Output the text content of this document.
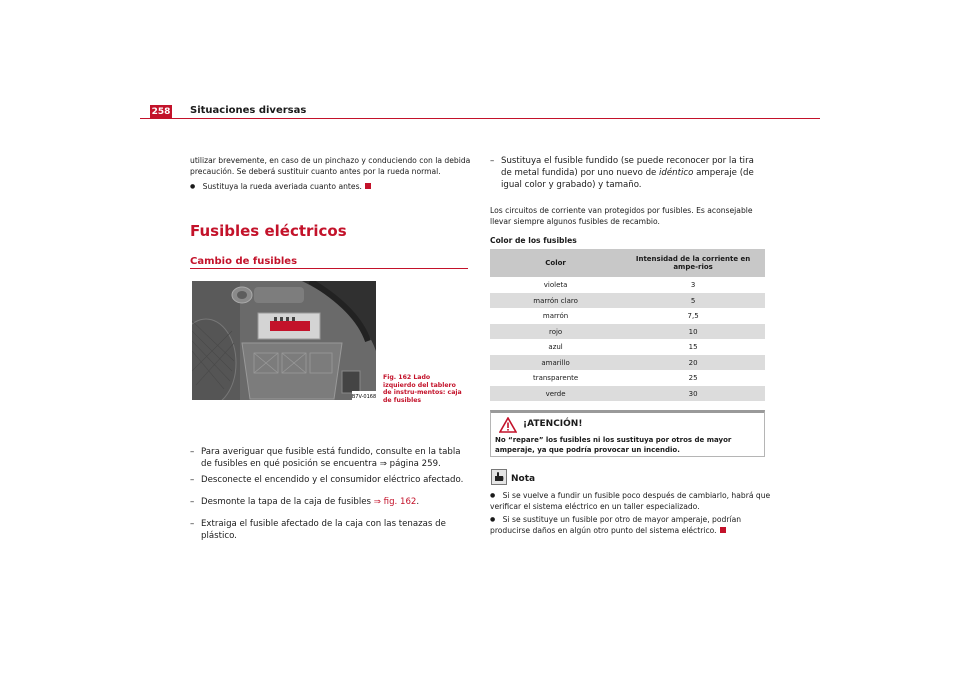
258 Situaciones diversas
utilizar brevemente, en caso de un pinchazo y conduciendo con la debida precaución. Se deberá sustituir cuanto antes por la rueda normal.
● Sustituya la rueda averiada cuanto antes.
Fusibles eléctricos
Cambio de fusibles
B7V-0168
Fig. 162 Lado izquierdo del tablero de instru-mentos: caja de fusibles
– Para averiguar que fusible está fundido, consulte en la tabla de fusibles en qué posición se encuentra ⇒ página 259.
– Desconecte el encendido y el consumidor eléctrico afectado.
– Desmonte la tapa de la caja de fusibles ⇒ fig. 162.
– Extraiga el fusible afectado de la caja con las tenazas de plástico.
– Sustituya el fusible fundido (se puede reconocer por la tira de metal fundida) por uno nuevo de idéntico amperaje (de igual color y grabado) y tamaño.
Los circuitos de corriente van protegidos por fusibles. Es aconsejable llevar siempre algunos fusibles de recambio.
Color de los fusibles
Color	Intensidad de la corriente en ampe-rios
violeta	3
marrón claro	5
marrón	7,5
rojo	10
azul	15
amarillo	20
transparente	25
verde	30
¡ATENCIÓN!
No “repare” los fusibles ni los sustituya por otros de mayor amperaje, ya que podría provocar un incendio.
Nota
● Si se vuelve a fundir un fusible poco después de cambiarlo, habrá que verificar el sistema eléctrico en un taller especializado.
● Si se sustituye un fusible por otro de mayor amperaje, podrían producirse daños en algún otro punto del sistema eléctrico.
